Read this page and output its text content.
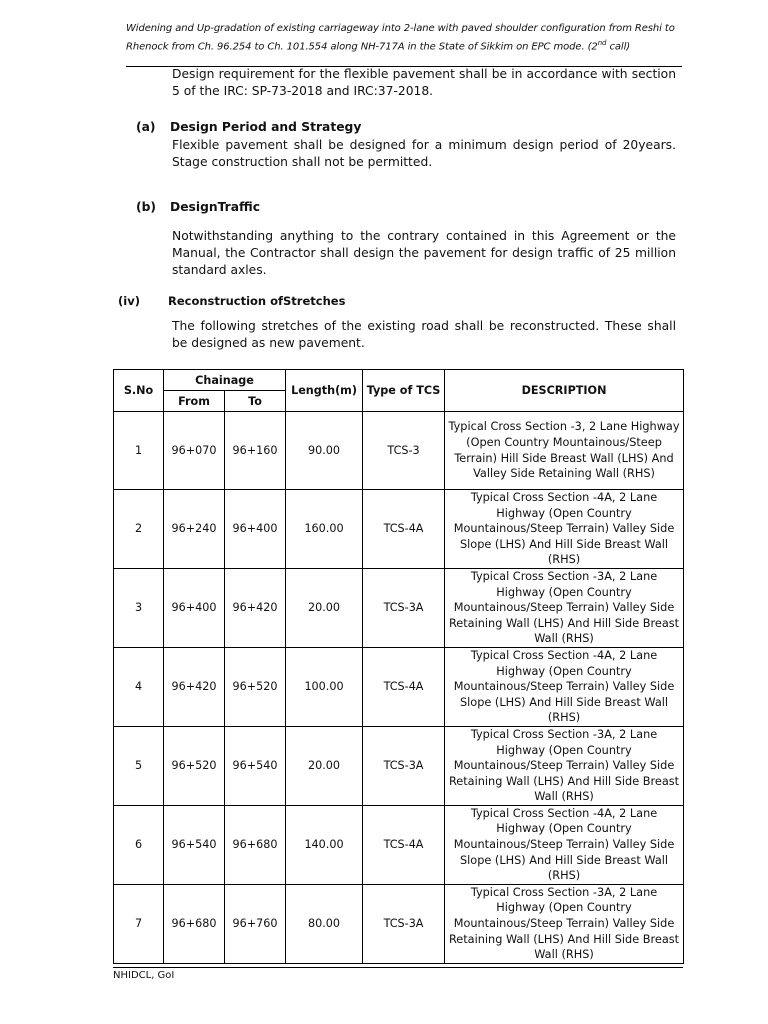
Widening and Up-gradation of existing carriageway into 2-lane with paved shoulder configuration from Reshi to
Rhenock from Ch. 96.254 to Ch. 101.554 along NH-717A in the State of Sikkim on EPC mode. (2nd call)
Design requirement for the flexible pavement shall be in accordance with section 5 of the IRC: SP-73-2018 and IRC:37-2018.
(a) Design Period and Strategy
Flexible pavement shall be designed for a minimum design period of 20years. Stage construction shall not be permitted.
(b) DesignTraffic
Notwithstanding anything to the contrary contained in this Agreement or the Manual, the Contractor shall design the pavement for design traffic of 25 million standard axles.
(iv) Reconstruction ofStretches
The following stretches of the existing road shall be reconstructed. These shall be designed as new pavement.
S.No	Chainage		Length(m)	Type of TCS	DESCRIPTION
	From	To			
1	96+070	96+160	90.00	TCS-3	Typical Cross Section -3, 2 Lane Highway (Open Country Mountainous/Steep Terrain) Hill Side Breast Wall (LHS) And Valley Side Retaining Wall (RHS)
2	96+240	96+400	160.00	TCS-4A	Typical Cross Section -4A, 2 Lane Highway (Open Country Mountainous/Steep Terrain) Valley Side Slope (LHS) And Hill Side Breast Wall (RHS)
3	96+400	96+420	20.00	TCS-3A	Typical Cross Section -3A, 2 Lane Highway (Open Country Mountainous/Steep Terrain) Valley Side Retaining Wall (LHS) And Hill Side Breast Wall (RHS)
4	96+420	96+520	100.00	TCS-4A	Typical Cross Section -4A, 2 Lane Highway (Open Country Mountainous/Steep Terrain) Valley Side Slope (LHS) And Hill Side Breast Wall (RHS)
5	96+520	96+540	20.00	TCS-3A	Typical Cross Section -3A, 2 Lane Highway (Open Country Mountainous/Steep Terrain) Valley Side Retaining Wall (LHS) And Hill Side Breast Wall (RHS)
6	96+540	96+680	140.00	TCS-4A	Typical Cross Section -4A, 2 Lane Highway (Open Country Mountainous/Steep Terrain) Valley Side Slope (LHS) And Hill Side Breast Wall (RHS)
7	96+680	96+760	80.00	TCS-3A	Typical Cross Section -3A, 2 Lane Highway (Open Country Mountainous/Steep Terrain) Valley Side Retaining Wall (LHS) And Hill Side Breast Wall (RHS)
NHIDCL, GoI
